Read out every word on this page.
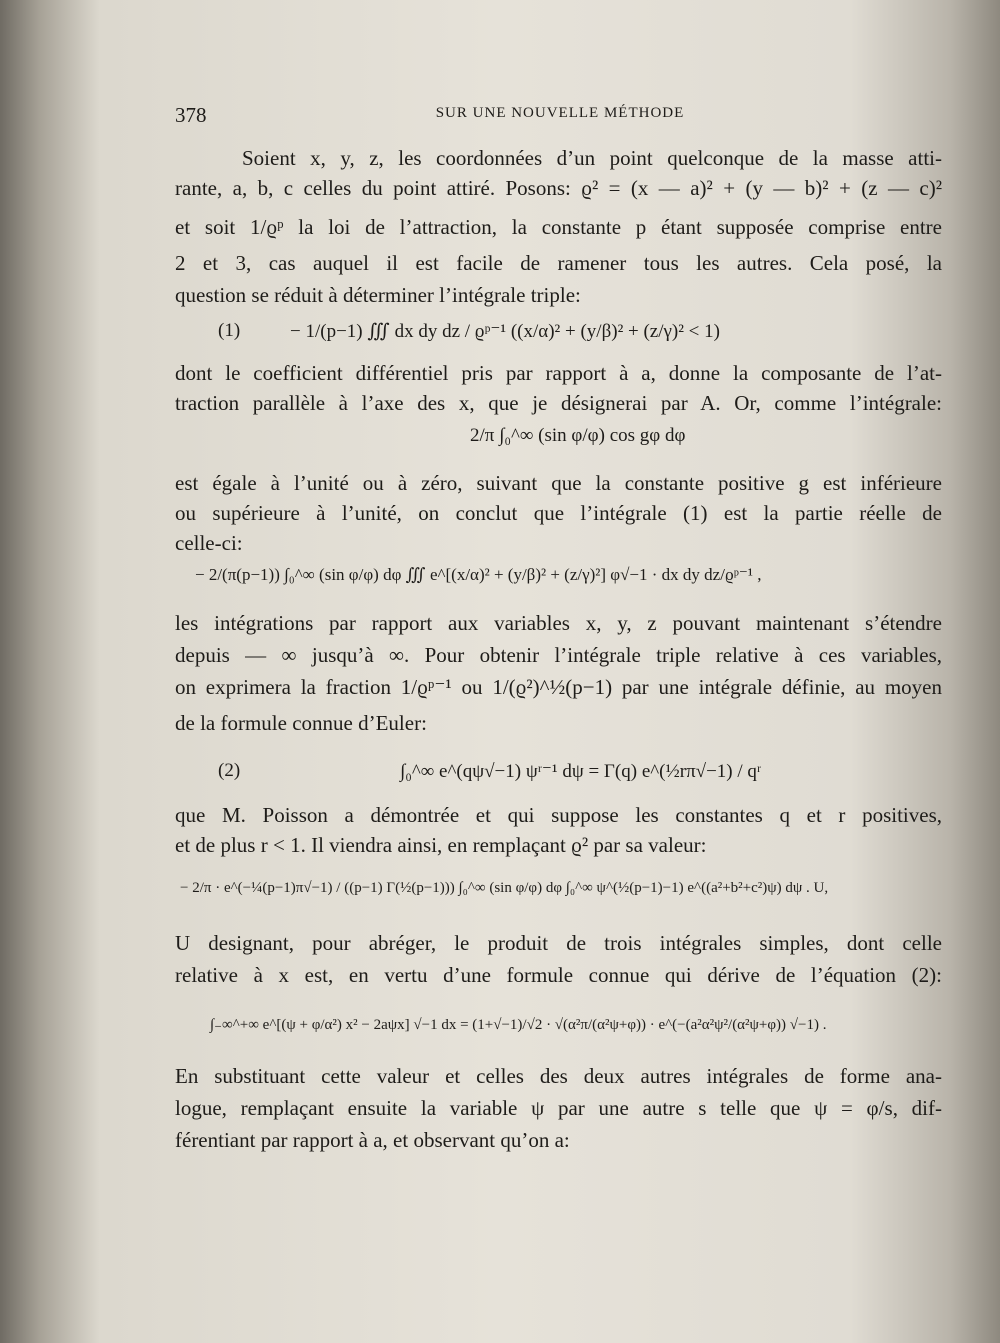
378	SUR UNE NOUVELLE MÉTHODE
Soient x, y, z, les coordonnées d’un point quelconque de la masse atti-
rante, a, b, c celles du point attiré. Posons: ϱ² = (x — a)² + (y — b)² + (z — c)²
et soit 1/ϱᵖ la loi de l’attraction, la constante p étant supposée comprise entre
2 et 3, cas auquel il est facile de ramener tous les autres. Cela posé, la
question se réduit à déterminer l’intégrale triple:
(1)	− 1/(p−1) ∭ dx dy dz / ϱᵖ⁻¹ ((x/α)² + (y/β)² + (z/γ)² < 1)
dont le coefficient différentiel pris par rapport à a, donne la composante de l’at-
traction parallèle à l’axe des x, que je désignerai par A. Or, comme l’intégrale:
2/π ∫₀^∞ (sin φ/φ) cos gφ dφ
est égale à l’unité ou à zéro, suivant que la constante positive g est inférieure
ou supérieure à l’unité, on conclut que l’intégrale (1) est la partie réelle de
celle-ci:
− 2/(π(p−1)) ∫₀^∞ (sin φ/φ) dφ ∭ e^[(x/α)² + (y/β)² + (z/γ)²] φ√−1 · dx dy dz/ϱᵖ⁻¹ ,
les intégrations par rapport aux variables x, y, z pouvant maintenant s’étendre
depuis — ∞ jusqu’à ∞. Pour obtenir l’intégrale triple relative à ces variables,
on exprimera la fraction 1/ϱᵖ⁻¹ ou 1/(ϱ²)^½(p−1) par une intégrale définie, au moyen
de la formule connue d’Euler:
(2)	∫₀^∞ e^(qψ√−1) ψʳ⁻¹ dψ = Γ(q) e^(½rπ√−1) / qʳ
que M. Poisson a démontrée et qui suppose les constantes q et r positives,
et de plus r < 1. Il viendra ainsi, en remplaçant ϱ² par sa valeur:
− 2/π · e^(−¼(p−1)π√−1) / ((p−1) Γ(½(p−1))) ∫₀^∞ (sin φ/φ) dφ ∫₀^∞ ψ^(½(p−1)−1) e^((a²+b²+c²)ψ) dψ . U,
U designant, pour abréger, le produit de trois intégrales simples, dont celle
relative à x est, en vertu d’une formule connue qui dérive de l’équation (2):
∫₋∞^+∞ e^[(ψ + φ/α²) x² − 2aψx] √−1 dx = (1+√−1)/√2 · √(α²π/(α²ψ+φ)) · e^(−(a²α²ψ²/(α²ψ+φ)) √−1) .
En substituant cette valeur et celles des deux autres intégrales de forme ana-
logue, remplaçant ensuite la variable ψ par une autre s telle que ψ = φ/s, dif-
férentiant par rapport à a, et observant qu’on a:
